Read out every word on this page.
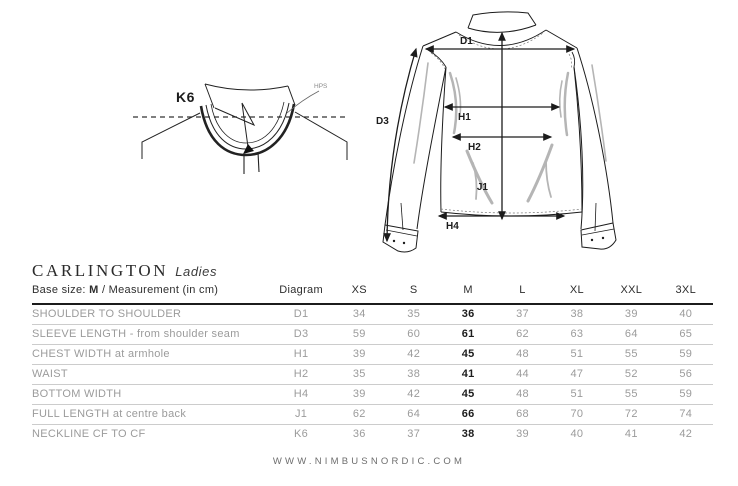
K6
HPS
D1
D3	H1
H2
J1
H4
CARLINGTON Ladies
Base size: M / Measurement (in cm)	Diagram	XS	S	M	L	XL	XXL	3XL
SHOULDER TO SHOULDER	D1	34	35	36	37	38	39	40
SLEEVE LENGTH - from shoulder seam	D3	59	60	61	62	63	64	65
CHEST WIDTH at armhole	H1	39	42	45	48	51	55	59
WAIST	H2	35	38	41	44	47	52	56
BOTTOM WIDTH	H4	39	42	45	48	51	55	59
FULL LENGTH at centre back	J1	62	64	66	68	70	72	74
NECKLINE CF TO CF	K6	36	37	38	39	40	41	42
WWW.NIMBUSNORDIC.COM
